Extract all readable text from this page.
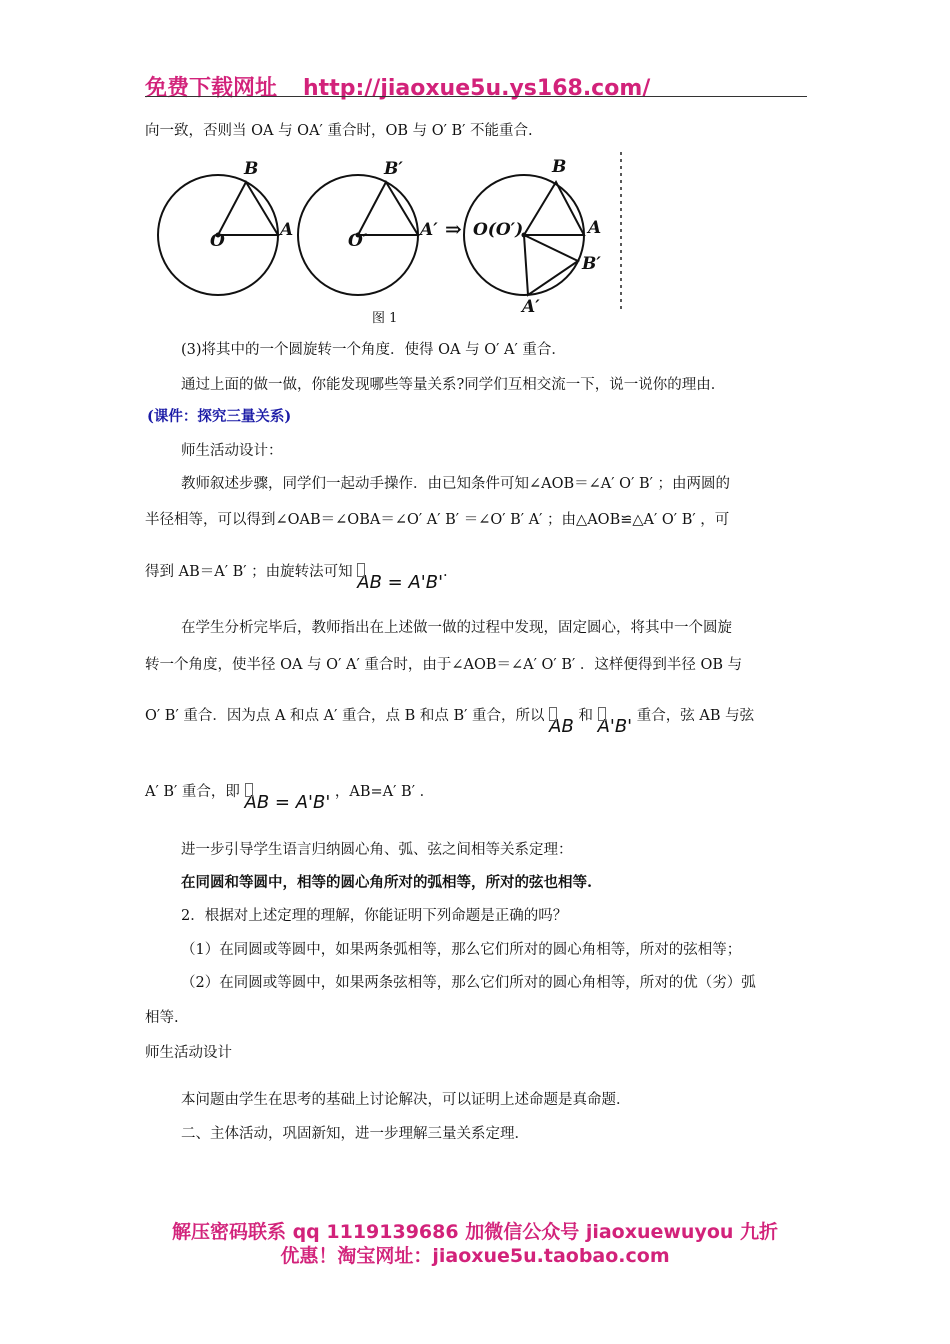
免费下载网址 http://jiaoxue5u.ys168.com/
向一致，否则当 OA 与 OA′ 重合时，OB 与 O′ B′ 不能重合.
B
A
O
B′
A′
O′	⇒
B
A
O(O′)
B′
A′
图 1
(3)将其中的一个圆旋转一个角度．使得 OA 与 O′ A′ 重合．
通过上面的做一做，你能发现哪些等量关系?同学们互相交流一下，说一说你的理由．
(课件：探究三量关系)
师生活动设计：
教师叙述步骤，同学们一起动手操作．由已知条件可知∠AOB＝∠A′ O′ B′ ；由两圆的
半径相等，可以得到∠OAB＝∠OBA＝∠O′ A′ B′ ＝∠O′ B′ A′ ；由△AOB≌△A′ O′ B′ ，可
得到 AB＝A′ B′ ；由旋转法可知 AB = A'B'.
在学生分析完毕后，教师指出在上述做一做的过程中发现，固定圆心，将其中一个圆旋
转一个角度，使半径 OA 与 O′ A′ 重合时，由于∠AOB＝∠A′ O′ B′ ．这样便得到半径 OB 与
O′ B′ 重合．因为点 A 和点 A′ 重合，点 B 和点 B′ 重合，所以 AB 和 A'B' 重合，弦 AB 与弦
A′ B′ 重合，即 AB = A'B' ，AB=A′ B′ ．
进一步引导学生语言归纳圆心角、弧、弦之间相等关系定理：
在同圆和等圆中，相等的圆心角所对的弧相等，所对的弦也相等.
2．根据对上述定理的理解，你能证明下列命题是正确的吗？
（1）在同圆或等圆中，如果两条弧相等，那么它们所对的圆心角相等，所对的弦相等；
（2）在同圆或等圆中，如果两条弦相等，那么它们所对的圆心角相等，所对的优（劣）弧
相等.
师生活动设计
本问题由学生在思考的基础上讨论解决，可以证明上述命题是真命题．
二、主体活动，巩固新知，进一步理解三量关系定理．
解压密码联系 qq 1119139686 加微信公众号 jiaoxuewuyou 九折
优惠！淘宝网址：jiaoxue5u.taobao.com
